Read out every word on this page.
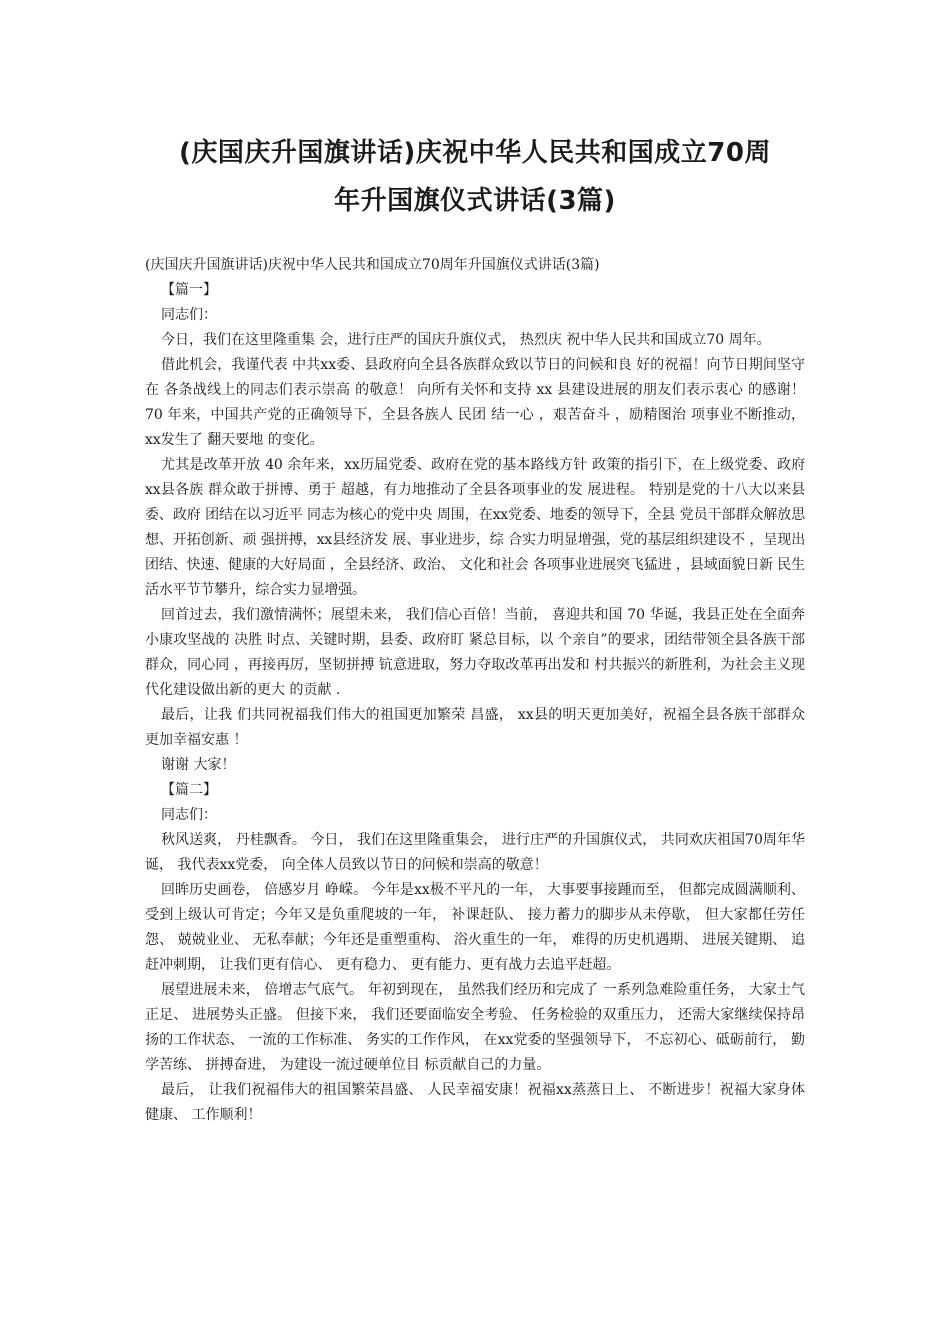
(庆国庆升国旗讲话)庆祝中华人民共和国成立70周
年升国旗仪式讲话(3篇)

(庆国庆升国旗讲话)庆祝中华人民共和国成立70周年升国旗仪式讲话(3篇)

【篇一】

同志们：

今日，我们在这里隆重集 会，进行庄严的国庆升旗仪式， 热烈庆 祝中华人民共和国成立70 周年。

借此机会，我谨代表 中共xx委、县政府向全县各族群众致以节日的问候和良 好的祝福！向节日期间坚守在 各条战线上的同志们表示崇高 的敬意！ 向所有关怀和支持 xx 县建设进展的朋友们表示衷心 的感谢！ 70 年来，中国共产党的正确领导下，全县各族人 民团 结一心 ，艰苦奋斗 ，励精图治 项事业不断推动，xx发生了 翻天要地 的变化。

尤其是改革开放 40 余年来，xx历届党委、政府在党的基本路线方针 政策的指引下，在上级党委、政府 xx县各族 群众敢于拼博、勇于 超越，有力地推动了全县各项事业的发 展进程。 特别是党的十八大以来县委、政府 团结在以习近平 同志为核心的党中央 周围，在xx党委、地委的领导下，全县 党员干部群众解放思想、开拓创新、顽 强拼搏，xx县经济发 展、事业进步，综 合实力明显增强，党的基层组织建设不 ，呈现出团结、快速、健康的大好局面 ，全县经济、政治、 文化和社会 各项事业进展突飞猛进 ，县域面貌日新 民生活水平节节攀升，综合实力显增强。

回首过去，我们激情满怀；展望未来， 我们信心百倍！当前， 喜迎共和国 70 华诞，我县正处在全面奔小康攻坚战的 决胜 时点、关键时期，县委、政府盯 紧总目标，以 个亲自”的要求，团结带领全县各族干部群众，同心同 ，再接再厉，坚韧拼搏 钪意进取，努力夺取改革再出发和 村共振兴的新胜利，为社会主义现代化建设做出新的更大 的贡献 .

最后，让我 们共同祝福我们伟大的祖国更加繁荣 昌盛， xx县的明天更加美好，祝福全县各族干部群众更加幸福安惠 ！

谢谢 大家！

【篇二】

同志们：

秋风送爽， 丹桂飘香。 今日， 我们在这里隆重集会， 进行庄严的升国旗仪式， 共同欢庆祖国70周年华诞， 我代表xx党委， 向全体人员致以节日的问候和崇高的敬意！

回眸历史画卷， 倍感岁月 峥嵘。 今年是xx极不平凡的一年， 大事要事接踵而至， 但都完成圆满顺利、 受到上级认可肯定；今年又是负重爬坡的一年， 补课赶队、 接力蓄力的脚步从未停歇， 但大家都任劳任怨、 兢兢业业、 无私奉献；今年还是重塑重构、 浴火重生的一年， 难得的历史机遇期、 进展关键期、 追赶冲刺期， 让我们更有信心、 更有稳力、 更有能力、更有战力去追平赶超。

展望进展未来， 倍增志气底气。 年初到现在， 虽然我们经历和完成了 一系列急难险重任务， 大家士气正足、 进展势头正盛。 但接下来， 我们还要面临安全考验、 任务检验的双重压力， 还需大家继续保持昂扬的工作状态、 一流的工作标准、 务实的工作作风， 在xx党委的坚强领导下， 不忘初心、砥砺前行， 勤学苦练、 拼搏奋进， 为建设一流过硬单位目 标贡献自己的力量。

最后， 让我们祝福伟大的祖国繁荣昌盛、 人民幸福安康！祝福xx蒸蒸日上、 不断进步！祝福大家身体健康、 工作顺利！
